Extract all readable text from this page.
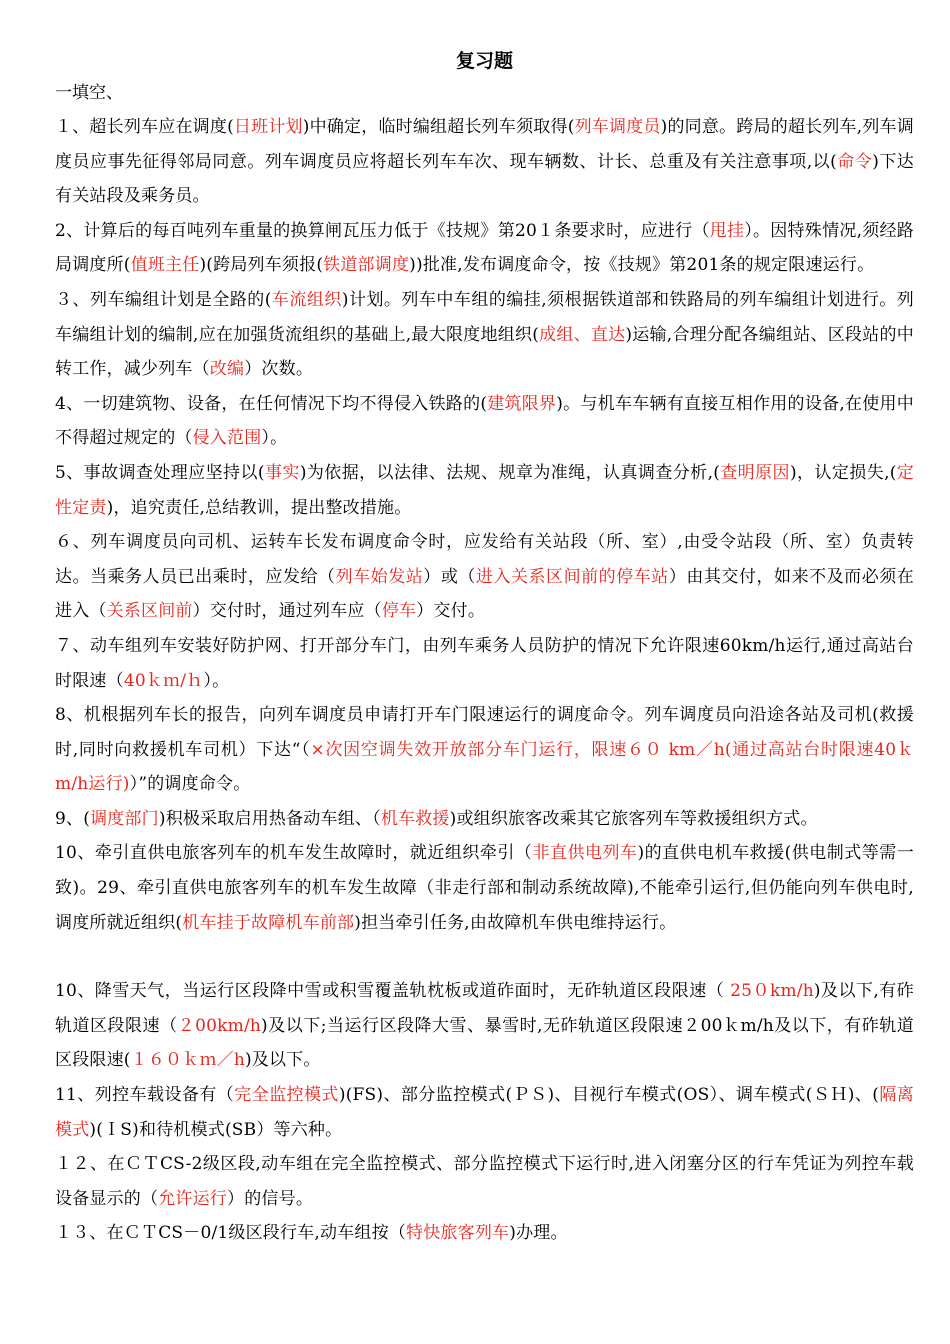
复习题

一填空、

１、超长列车应在调度(日班计划)中确定，临时编组超长列车须取得(列车调度员)的同意。跨局的超长列车,列车调度员应事先征得邻局同意。列车调度员应将超长列车车次、现车辆数、计长、总重及有关注意事项,以(命令)下达有关站段及乘务员。

2、计算后的每百吨列车重量的换算闸瓦压力低于《技规》第20１条要求时，应进行（甩挂）。因特殊情况,须经路局调度所(值班主任)(跨局列车须报(铁道部调度))批准,发布调度命令，按《技规》第201条的规定限速运行。

３、列车编组计划是全路的(车流组织)计划。列车中车组的编挂,须根据铁道部和铁路局的列车编组计划进行。列车编组计划的编制,应在加强货流组织的基础上,最大限度地组织(成组、直达)运输,合理分配各编组站、区段站的中转工作，减少列车（改编）次数。

4、一切建筑物、设备，在任何情况下均不得侵入铁路的(建筑限界)。与机车车辆有直接互相作用的设备,在使用中不得超过规定的（侵入范围）。

5、事故调查处理应坚持以(事实)为依据，以法律、法规、规章为准绳，认真调查分析,(查明原因)，认定损失,(定性定责)，追究责任,总结教训，提出整改措施。

６、列车调度员向司机、运转车长发布调度命令时，应发给有关站段（所、室）,由受令站段（所、室）负责转达。当乘务人员已出乘时，应发给（列车始发站）或（进入关系区间前的停车站）由其交付，如来不及而必须在进入（关系区间前）交付时，通过列车应（停车）交付。

７、动车组列车安装好防护网、打开部分车门，由列车乘务人员防护的情况下允许限速60km/h运行,通过高站台时限速（40ｋｍ/ｈ）。

8、机根据列车长的报告，向列车调度员申请打开车门限速运行的调度命令。列车调度员向沿途各站及司机(救援时,同时向救援机车司机）下达“（×次因空调失效开放部分车门运行，限速６０ km／h(通过高站台时限速40ｋm/h运行)）”的调度命令。

9、(调度部门)积极采取启用热备动车组、（机车救援)或组织旅客改乘其它旅客列车等救援组织方式。

10、牵引直供电旅客列车的机车发生故障时，就近组织牵引（非直供电列车)的直供电机车救援(供电制式等需一致)。29、牵引直供电旅客列车的机车发生故障（非走行部和制动系统故障),不能牵引运行,但仍能向列车供电时,调度所就近组织(机车挂于故障机车前部)担当牵引任务,由故障机车供电维持运行。

10、降雪天气，当运行区段降中雪或积雪覆盖轨枕板或道砟面时，无砟轨道区段限速（ 25０km/h)及以下,有砟轨道区段限速（２00km/h)及以下;当运行区段降大雪、暴雪时,无砟轨道区段限速２00ｋm/h及以下，有砟轨道区段限速(１６０ｋｍ／h)及以下。

11、列控车载设备有（完全监控模式)(FS)、部分监控模式(ＰＳ)、目视行车模式(OS）、调车模式(ＳＨ)、(隔离模式)(ＩS)和待机模式(SB）等六种。

１２、在ＣＴCS-2级区段,动车组在完全监控模式、部分监控模式下运行时,进入闭塞分区的行车凭证为列控车载设备显示的（允许运行）的信号。

１３、在ＣＴCS－0/1级区段行车,动车组按（特快旅客列车)办理。
